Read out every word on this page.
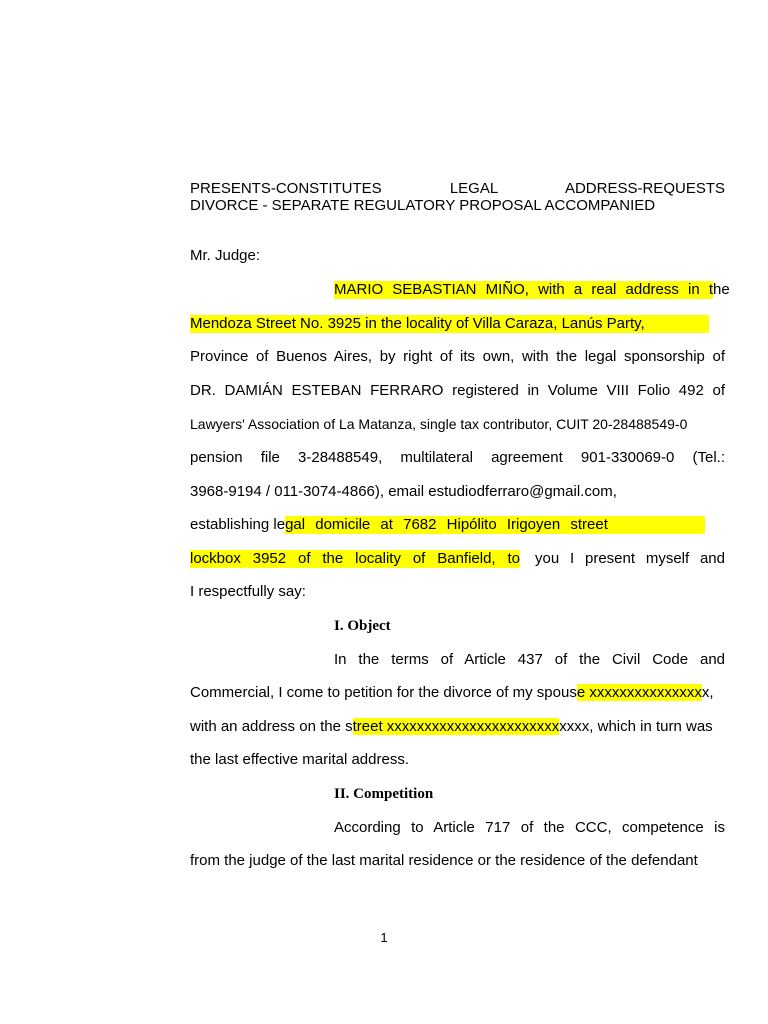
PRESENTS-CONSTITUTES LEGAL ADDRESS-REQUESTS
DIVORCE - SEPARATE REGULATORY PROPOSAL ACCOMPANIED
Mr. Judge:
MARIO SEBASTIAN MIÑO, with a real address in the
Mendoza Street No. 3925 in the locality of Villa Caraza, Lanús Party,
Province of Buenos Aires, by right of its own, with the legal sponsorship of
DR. DAMIÁN ESTEBAN FERRARO registered in Volume VIII Folio 492 of
Lawyers' Association of La Matanza, single tax contributor, CUIT 20-28488549-0
pension file 3-28488549, multilateral agreement 901-330069-0 (Tel.:
3968-9194 / 011-3074-4866), email estudiodferraro@gmail.com,
establishing legal domicile at 7682 Hipólito Irigoyen street
lockbox 3952 of the locality of Banfield, to you I present myself and
I respectfully say:
I. Object
In the terms of Article 437 of the Civil Code and
Commercial, I come to petition for the divorce of my spouse xxxxxxxxxxxxxxxx,
with an address on the street xxxxxxxxxxxxxxxxxxxxxxxxxxx, which in turn was
the last effective marital address.
II. Competition
According to Article 717 of the CCC, competence is
from the judge of the last marital residence or the residence of the defendant
1
